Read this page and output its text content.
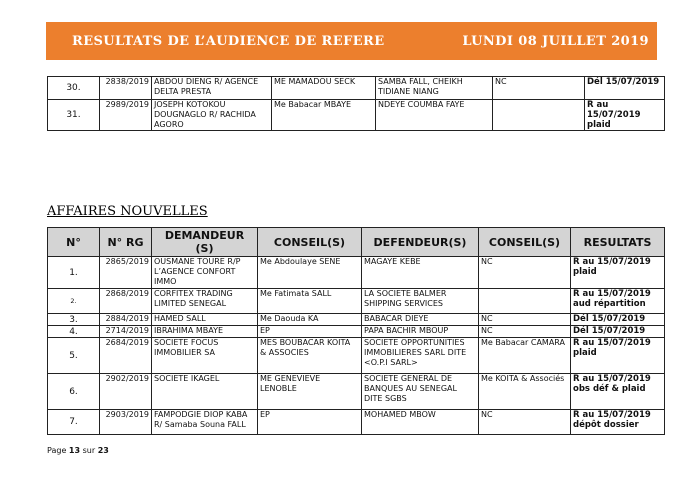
RESULTATS DE L’AUDIENCE DE REFERE	LUNDI 08 JUILLET 2019
30.	2838/2019	ABDOU DIENG R/ AGENCE DELTA PRESTA	ME MAMADOU SECK	SAMBA FALL, CHEIKH TIDIANE NIANG	NC	Dél 15/07/2019
31.	2989/2019	JOSEPH KOTOKOU DOUGNAGLO R/ RACHIDA AGORO	Me Babacar MBAYE	NDEYE COUMBA FAYE		R au 15/07/2019 plaid
AFFAIRES NOUVELLES
N°	N° RG	DEMANDEUR (S)	CONSEIL(S)	DEFENDEUR(S)	CONSEIL(S)	RESULTATS
1.	2865/2019	OUSMANE TOURE R/P L’AGENCE CONFORT IMMO	Me Abdoulaye SENE	MAGAYE KEBE	NC	R au 15/07/2019 plaid
2.	2868/2019	CORFITEX TRADING LIMITED SENEGAL	Me Fatimata SALL	LA SOCIETE BALMER SHIPPING SERVICES		R au 15/07/2019 aud répartition
3.	2884/2019	HAMED SALL	Me Daouda KA	BABACAR DIEYE	NC	Dél 15/07/2019
4.	2714/2019	IBRAHIMA MBAYE	EP	PAPA BACHIR MBOUP	NC	Dél 15/07/2019
5.	2684/2019	SOCIETE FOCUS IMMOBILIER SA	MES BOUBACAR KOITA & ASSOCIES	SOCIETE OPPORTUNITIES IMMOBILIERES SARL DITE <O.P.I SARL>	Me Babacar CAMARA	R au 15/07/2019 plaid
6.	2902/2019	SOCIETE IKAGEL	ME GENEVIEVE LENOBLE	SOCIETE GENERAL DE BANQUES AU SENEGAL DITE SGBS	Me KOITA & Associés	R au 15/07/2019 obs déf & plaid
7.	2903/2019	FAMPODGIE DIOP KABA R/ Samaba Souna FALL	EP	MOHAMED MBOW	NC	R au 15/07/2019 dépôt dossier
Page 13 sur 23
